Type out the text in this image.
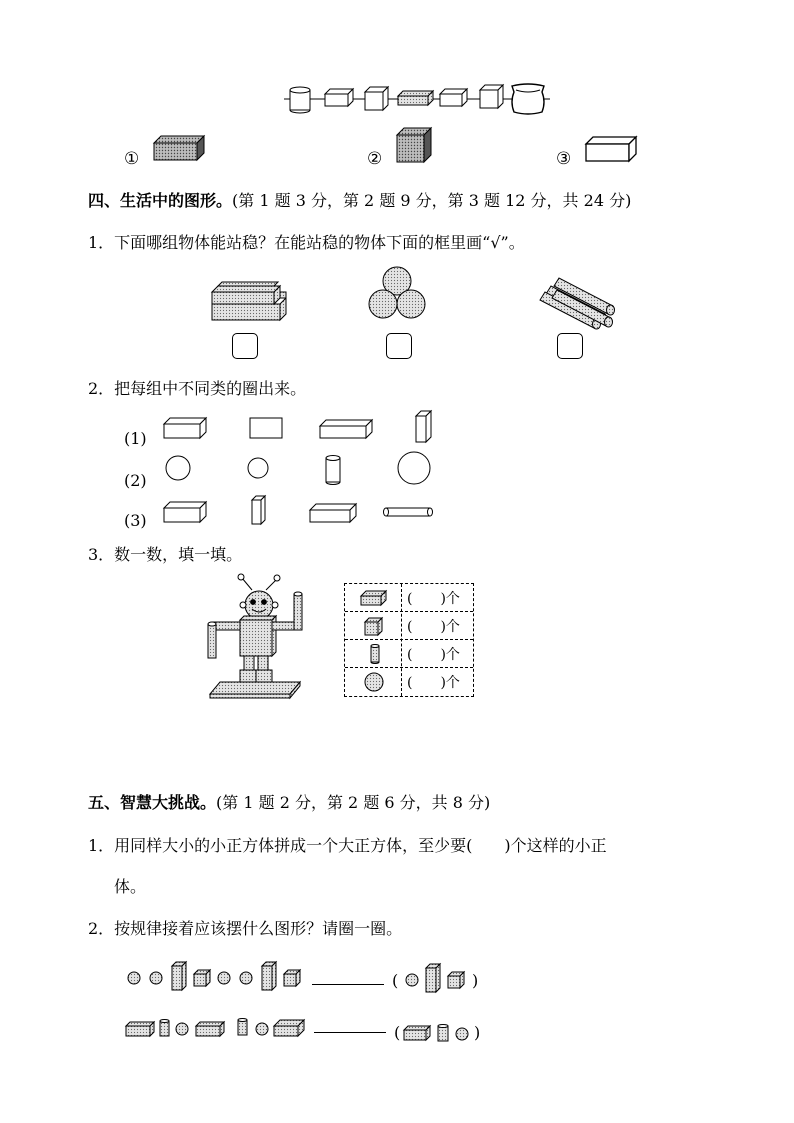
①	②	③
四、生活中的图形。(第 1 题 3 分，第 2 题 9 分，第 3 题 12 分，共 24 分)
1．下面哪组物体能站稳？在能站稳的物体下面的框里画“√”。
2．把每组中不同类的圈出来。
(1)
(2)
(3)
3．数一数，填一填。
(　　)个
(　　)个
(　　)个
(　　)个
五、智慧大挑战。(第 1 题 2 分，第 2 题 6 分，共 8 分)
1．用同样大小的小正方体拼成一个大正方体，至少要(　　)个这样的小正
体。
2．按规律接着应该摆什么图形？请圈一圈。
(	)
(	)
